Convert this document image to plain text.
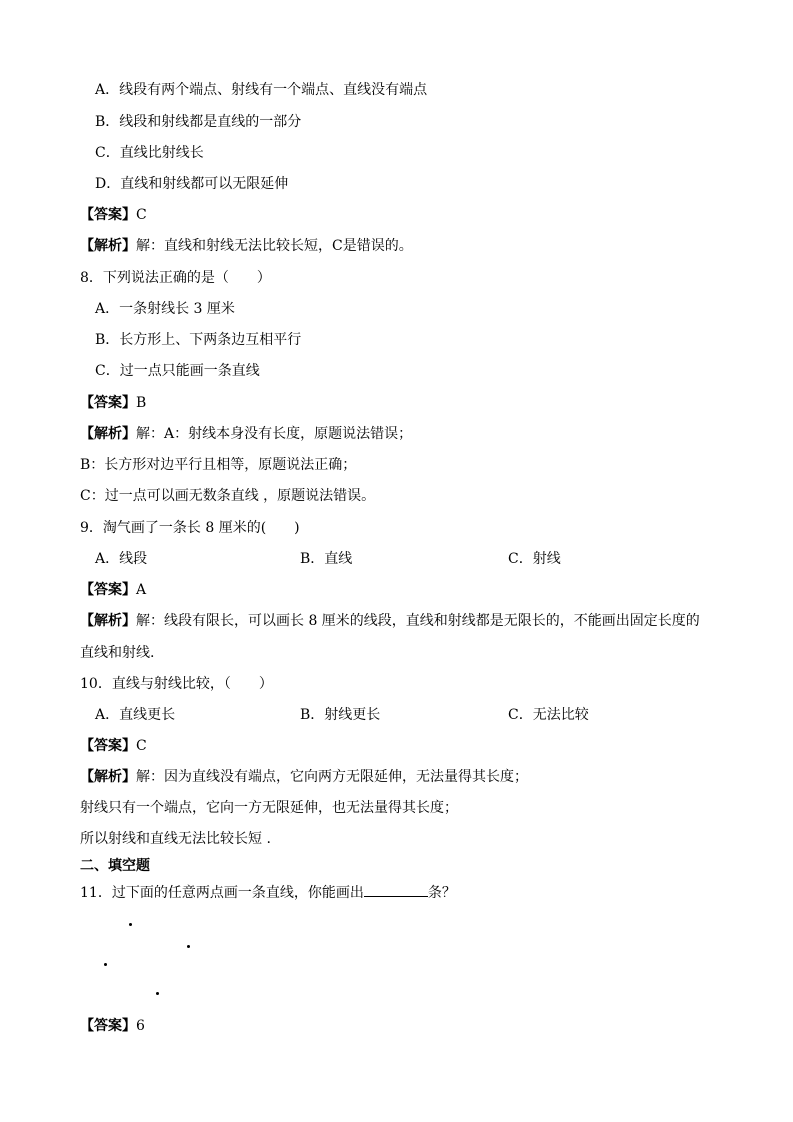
A．线段有两个端点、射线有一个端点、直线没有端点
B．线段和射线都是直线的一部分
C．直线比射线长
D．直线和射线都可以无限延伸
【答案】C
【解析】解：直线和射线无法比较长短，C是错误的。
8．下列说法正确的是（　　）
A．一条射线长 3 厘米
B．长方形上、下两条边互相平行
C．过一点只能画一条直线
【答案】B
【解析】解：A：射线本身没有长度，原题说法错误；
B：长方形对边平行且相等，原题说法正确；
C：过一点可以画无数条直线 ，原题说法错误。
9．淘气画了一条长 8 厘米的(　　)
A．线段	B．直线	C．射线
【答案】A
【解析】解：线段有限长，可以画长 8 厘米的线段，直线和射线都是无限长的，不能画出固定长度的
直线和射线.
10．直线与射线比较，（　　）
A．直线更长	B．射线更长	C．无法比较
【答案】C
【解析】解：因为直线没有端点，它向两方无限延伸，无法量得其长度；
射线只有一个端点，它向一方无限延伸，也无法量得其长度；
所以射线和直线无法比较长短 .
二、填空题
11．过下面的任意两点画一条直线，你能画出	条？
【答案】6
